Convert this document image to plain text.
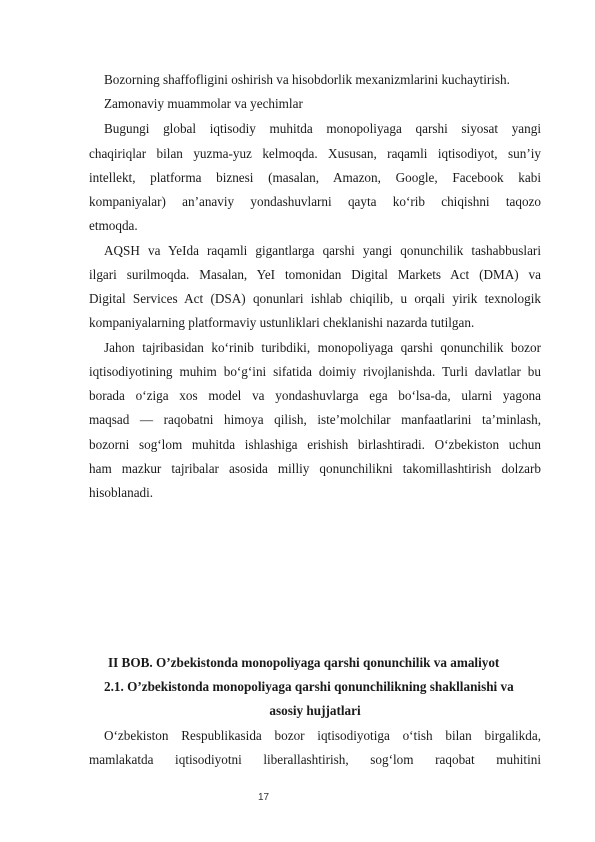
Bozorning shaffofligini oshirish va hisobdorlik mexanizmlarini kuchaytirish.
Zamonaviy muammolar va yechimlar
Bugungi global iqtisodiy muhitda monopoliyaga qarshi siyosat yangi
chaqiriqlar bilan yuzma-yuz kelmoqda. Xususan, raqamli iqtisodiyot, sun’iy
intellekt, platforma biznesi (masalan, Amazon, Google, Facebook kabi
kompaniyalar) an’anaviy yondashuvlarni qayta ko‘rib chiqishni taqozo
etmoqda.
AQSH va YeIda raqamli gigantlarga qarshi yangi qonunchilik tashabbuslari
ilgari surilmoqda. Masalan, YeI tomonidan Digital Markets Act (DMA) va
Digital Services Act (DSA) qonunlari ishlab chiqilib, u orqali yirik texnologik
kompaniyalarning platformaviy ustunliklari cheklanishi nazarda tutilgan.
Jahon tajribasidan ko‘rinib turibdiki, monopoliyaga qarshi qonunchilik bozor
iqtisodiyotining muhim bo‘g‘ini sifatida doimiy rivojlanishda. Turli davlatlar bu
borada o‘ziga xos model va yondashuvlarga ega bo‘lsa-da, ularni yagona
maqsad — raqobatni himoya qilish, iste’molchilar manfaatlarini ta’minlash,
bozorni sog‘lom muhitda ishlashiga erishish birlashtiradi. O‘zbekiston uchun
ham mazkur tajribalar asosida milliy qonunchilikni takomillashtirish dolzarb
hisoblanadi.
II BOB. O’zbekistonda monopoliyaga qarshi qonunchilik va amaliyot
2.1. O’zbekistonda monopoliyaga qarshi qonunchilikning shakllanishi va
asosiy hujjatlari
O‘zbekiston Respublikasida bozor iqtisodiyotiga o‘tish bilan birgalikda,
mamlakatda iqtisodiyotni liberallashtirish, sog‘lom raqobat muhitini
17
